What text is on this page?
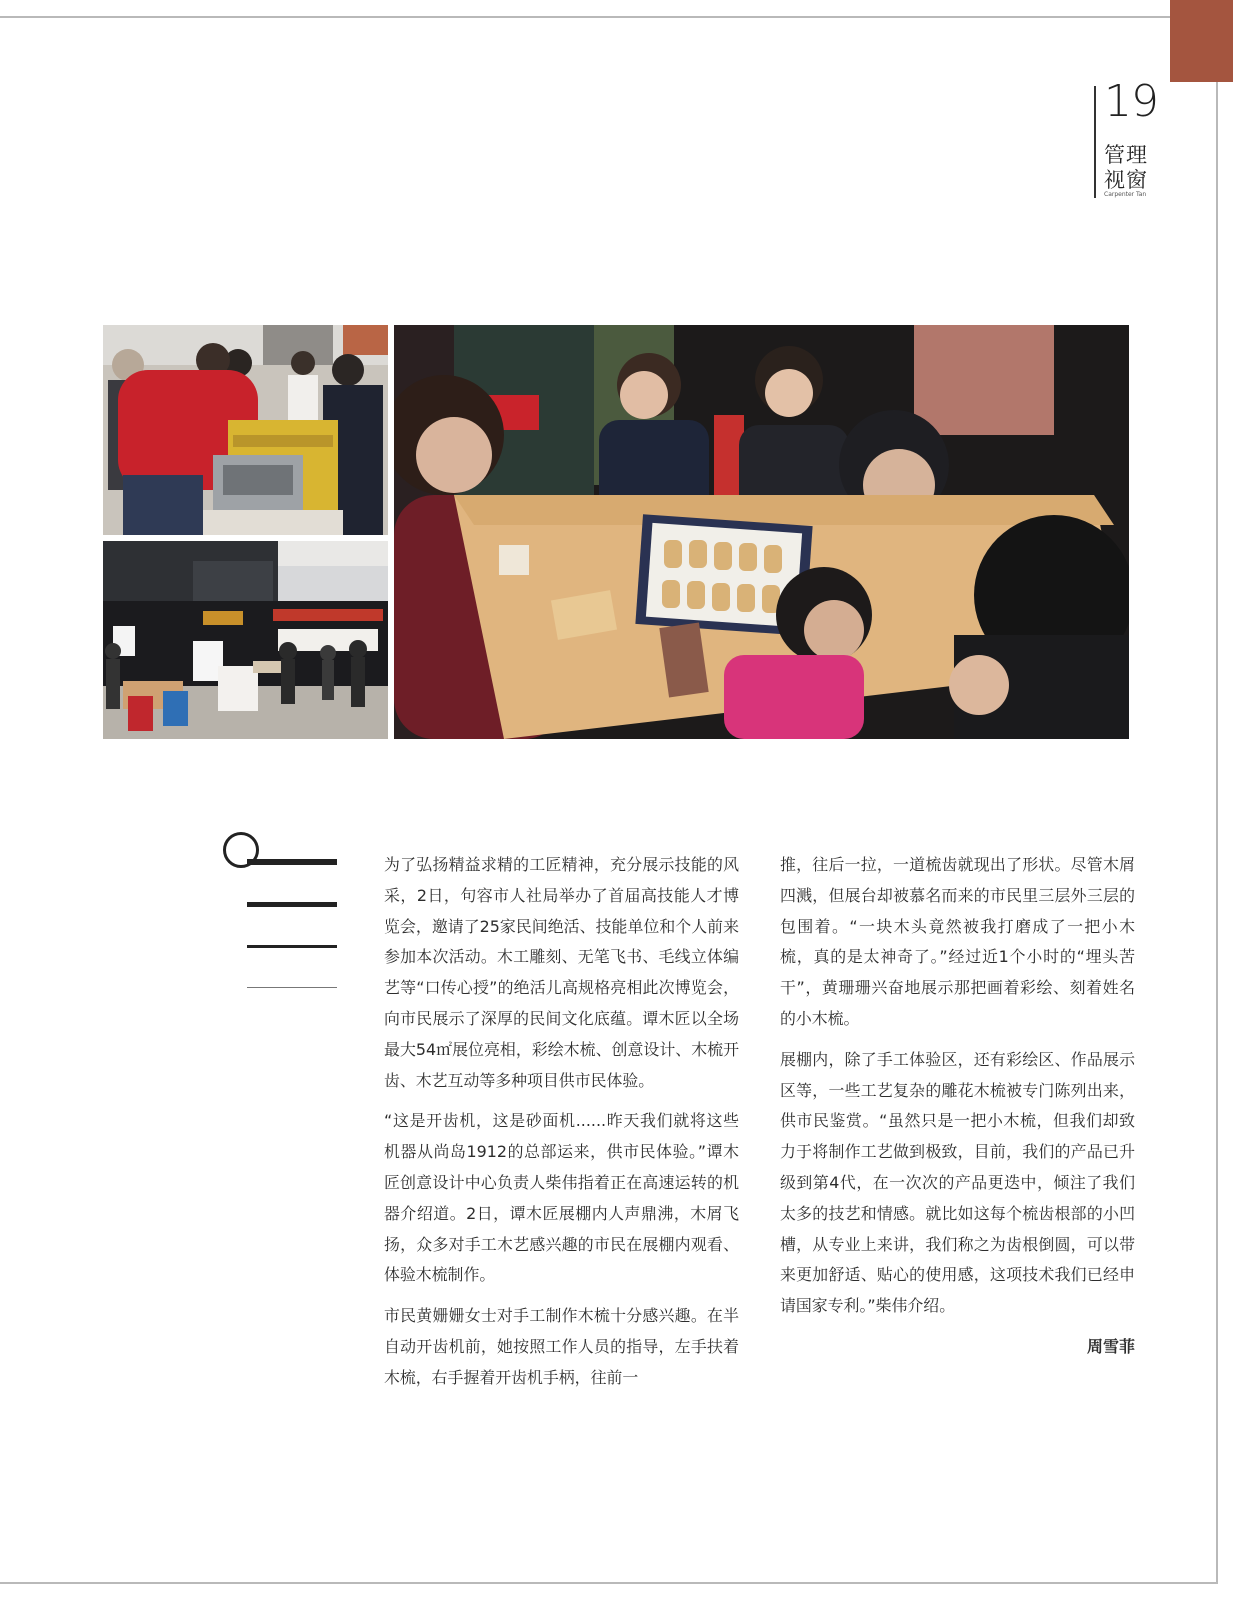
19
管理
视窗
Carpenter Tan

为了弘扬精益求精的工匠精神，充分展示技能的风采，2日，句容市人社局举办了首届高技能人才博览会，邀请了25家民间绝活、技能单位和个人前来参加本次活动。木工雕刻、无笔飞书、毛线立体编艺等“口传心授”的绝活儿高规格亮相此次博览会，向市民展示了深厚的民间文化底蕴。谭木匠以全场最大54㎡展位亮相，彩绘木梳、创意设计、木梳开齿、木艺互动等多种项目供市民体验。

“这是开齿机，这是砂面机......昨天我们就将这些机器从尚岛1912的总部运来，供市民体验。”谭木匠创意设计中心负责人柴伟指着正在高速运转的机器介绍道。2日，谭木匠展棚内人声鼎沸，木屑飞扬，众多对手工木艺感兴趣的市民在展棚内观看、体验木梳制作。

市民黄姗姗女士对手工制作木梳十分感兴趣。在半自动开齿机前，她按照工作人员的指导，左手扶着木梳，右手握着开齿机手柄，往前一

推，往后一拉，一道梳齿就现出了形状。尽管木屑四溅，但展台却被慕名而来的市民里三层外三层的包围着。“一块木头竟然被我打磨成了一把小木梳，真的是太神奇了。”经过近1个小时的“埋头苦干”，黄珊珊兴奋地展示那把画着彩绘、刻着姓名的小木梳。

展棚内，除了手工体验区，还有彩绘区、作品展示区等，一些工艺复杂的雕花木梳被专门陈列出来，供市民鉴赏。“虽然只是一把小木梳，但我们却致力于将制作工艺做到极致，目前，我们的产品已升级到第4代，在一次次的产品更迭中，倾注了我们太多的技艺和情感。就比如这每个梳齿根部的小凹槽，从专业上来讲，我们称之为齿根倒圆，可以带来更加舒适、贴心的使用感，这项技术我们已经申请国家专利。”柴伟介绍。

周雪菲
